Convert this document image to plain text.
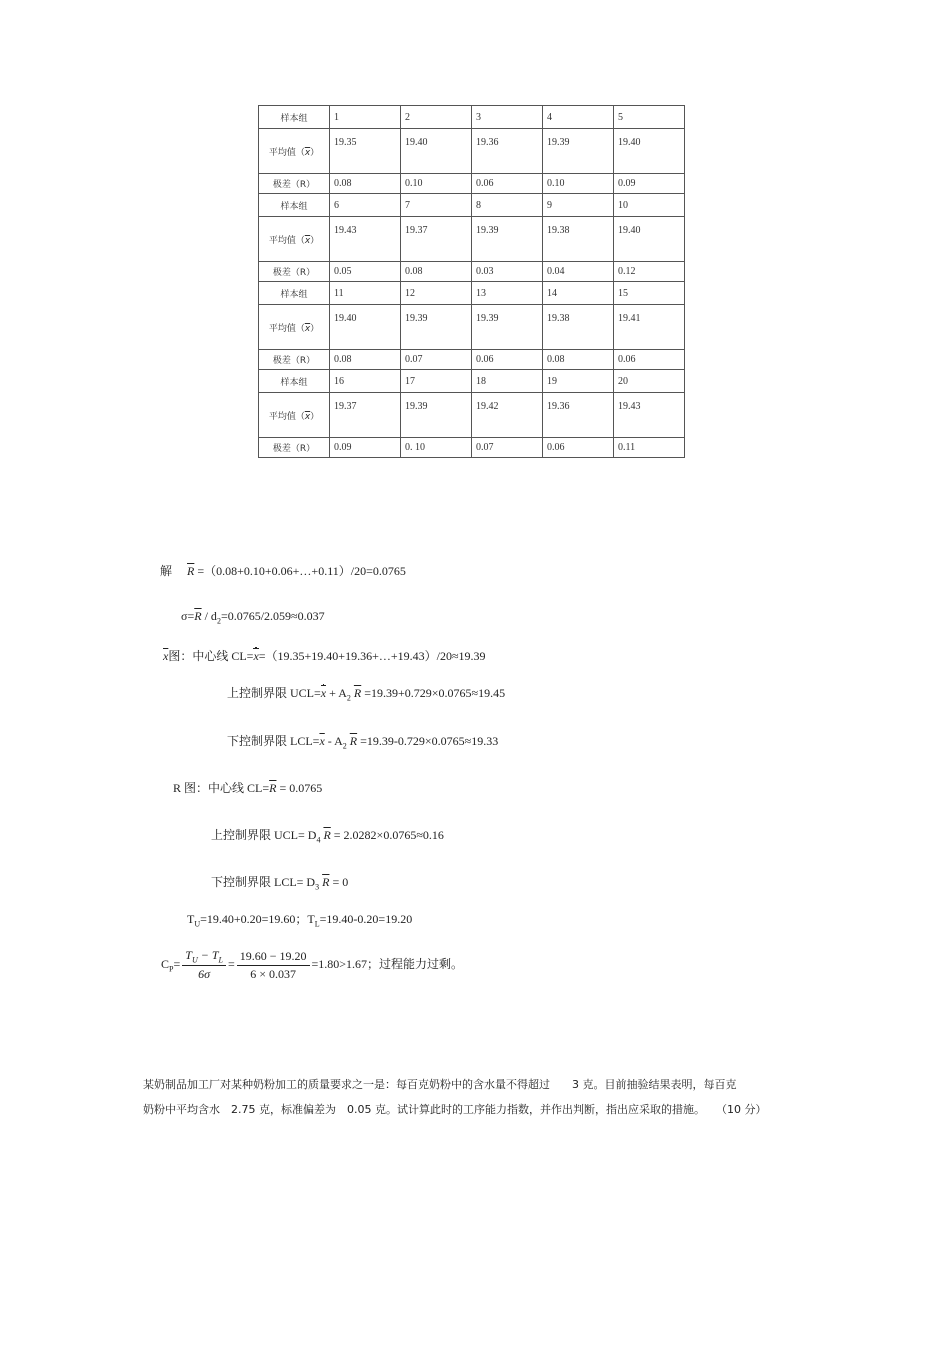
样本组	1	2	3	4	5
平均值$(\overline{x})$	19.35	19.40	19.36	19.39	19.40
极差（R）	0.08	0.10	0.06	0.10	0.09
样本组	6	7	8	9	10
平均值$(\overline{x})$	19.43	19.37	19.39	19.38	19.40
极差（R）	0.05	0.08	0.03	0.04	0.12
样本组	11	12	13	14	15
平均值$(\overline{x})$	19.40	19.39	19.39	19.38	19.41
极差（R）	0.08	0.07	0.06	0.08	0.06
样本组	16	17	18	19	20
平均值$(\overline{x})$	19.37	19.39	19.42	19.36	19.43
极差（R）	0.09	0. 10	0.07	0.06	0.11
解 $\overline{R}$ =（0.08+0.10+0.06+…+0.11）/20=0.0765
$\sigma=\overline{R} / d_2=0.0765/2.059\approx 0.037$
$\overline{x}$图：中心线 CL=x=（19.35+19.40+19.36+…+19.43）/20≈19.39
上控制界限 $UCL=x + A_2$ $\overline{R} =19.39+0.729\times 0.0765\approx 19.45$
下控制界限 $LCL=\overline{x} - A_2$ $\overline{R} =19.39-0.729\times 0.0765\approx 19.33$
R 图：中心线 $CL=\overline{R} = 0.0765$
上控制界限 $UCL= D_4$ $\overline{R} = 2.0282\times 0.0765\approx 0.16$
下控制界限 $LCL= D_3$ $\overline{R} = 0$
$T_U=19.40+0.20=19.60$；$T_L=19.40-0.20=19.20$
$C_P= \frac{T_U - T_L}{6\sigma} = \frac{19.60 - 19.20}{6 \times 0.037} =1.80>1.67$；过程能力过剩。
某奶制品加工厂对某种奶粉加工的质量要求之一是：每百克奶粉中的含水量不得超过　　3 克。目前抽验结果表明，每百克
奶粉中平均含水　2.75 克，标准偏差为　0.05 克。试计算此时的工序能力指数，并作出判断，指出应采取的措施。　　（10 分）
